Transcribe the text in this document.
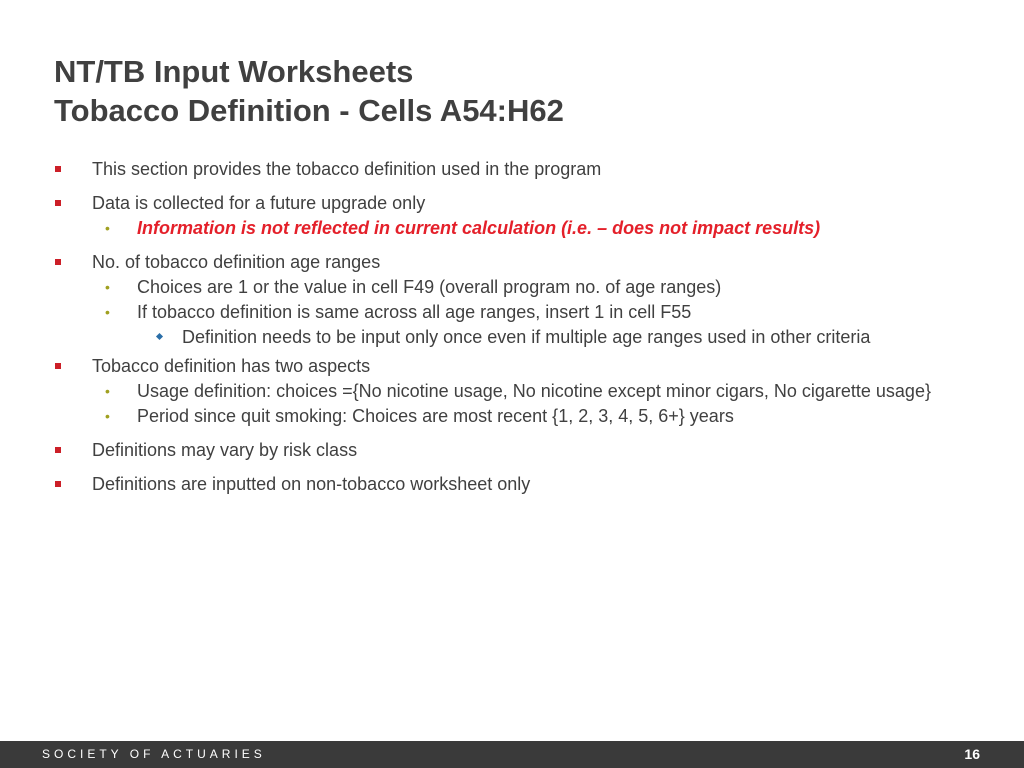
NT/TB Input Worksheets
Tobacco Definition - Cells A54:H62
This section provides the tobacco definition used in the program
Data is collected for a future upgrade only
• Information is not reflected in current calculation (i.e. – does not impact results)
No. of tobacco definition age ranges
• Choices are 1 or the value in cell F49 (overall program no. of age ranges)
• If tobacco definition is same across all age ranges, insert 1 in cell F55
Definition needs to be input only once even if multiple age ranges used in other criteria
Tobacco definition has two aspects
• Usage definition: choices ={No nicotine usage, No nicotine except minor cigars, No cigarette usage}
• Period since quit smoking: Choices are most recent {1, 2, 3, 4, 5, 6+} years
Definitions may vary by risk class
Definitions are inputted on non-tobacco worksheet only
SOCIETY OF ACTUARIES	16
